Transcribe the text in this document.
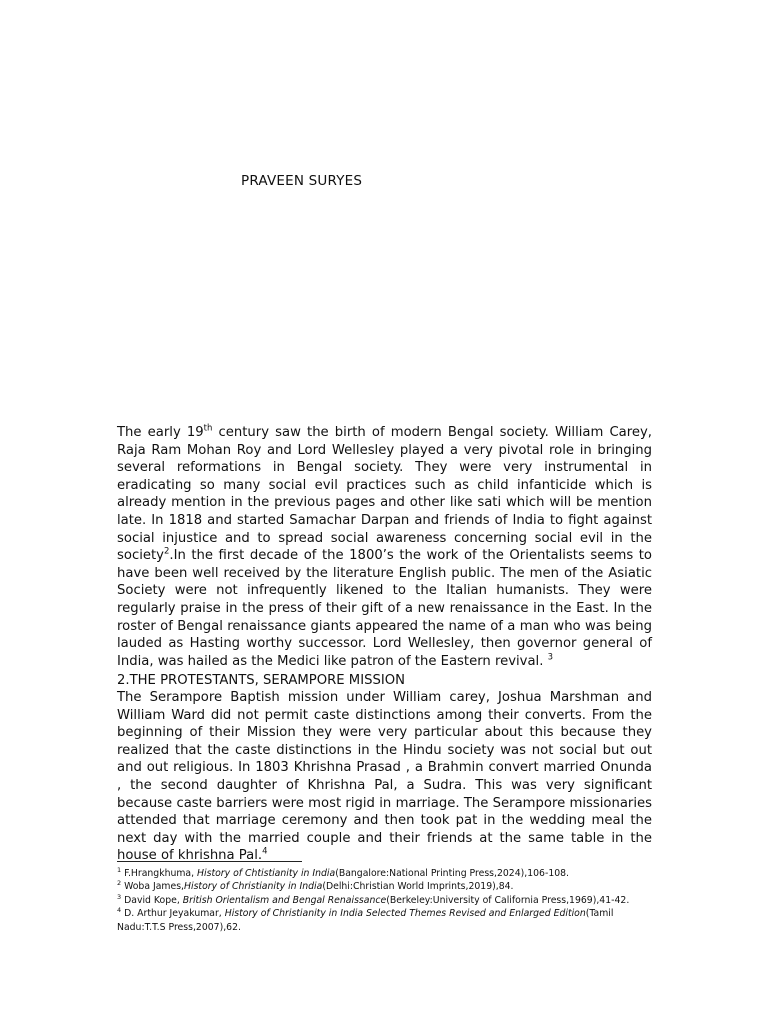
PRAVEEN SURYES

The early 19th century saw the birth of modern Bengal society. William Carey, Raja Ram Mohan Roy and Lord Wellesley played a very pivotal role in bringing several reformations in Bengal society. They were very instrumental in eradicating so many social evil practices such as child infanticide which is already mention in the previous pages and other like sati which will be mention late. In 1818 and started Samachar Darpan and friends of India to fight against social injustice and to spread social awareness concerning social evil in the society$^2$.In the first decade of the 1800’s the work of the Orientalists seems to have been well received by the literature English public. The men of the Asiatic Society were not infrequently likened to the Italian humanists. They were regularly praise in the press of their gift of a new renaissance in the East. In the roster of Bengal renaissance giants appeared the name of a man who was being lauded as Hasting worthy successor. Lord Wellesley, then governor general of India, was hailed as the Medici like patron of the Eastern revival. $^3$

2.THE PROTESTANTS, SERAMPORE MISSION

The Serampore Baptish mission under William carey, Joshua Marshman and William Ward did not permit caste distinctions among their converts. From the beginning of their Mission they were very particular about this because they realized that the caste distinctions in the Hindu society was not social but out and out religious. In 1803 Khrishna Prasad , a Brahmin convert married Onunda , the second daughter of Khrishna Pal, a Sudra. This was very significant because caste barriers were most rigid in marriage. The Serampore missionaries attended that marriage ceremony and then took pat in the wedding meal the next day with the married couple and their friends at the same table in the house of khrishna Pal.$^4$

$^1$ F.Hrangkhuma, History of Chtistianity in India(Bangalore:National Printing Press,2024),106-108.
$^2$ Woba James,History of Christianity in India(Delhi:Christian World Imprints,2019),84.
$^3$ David Kope, British Orientalism and Bengal Renaissance(Berkeley:University of California Press,1969),41-42.
$^4$ D. Arthur Jeyakumar, History of Christianity in India Selected Themes Revised and Enlarged Edition(Tamil Nadu:T.T.S Press,2007),62.
